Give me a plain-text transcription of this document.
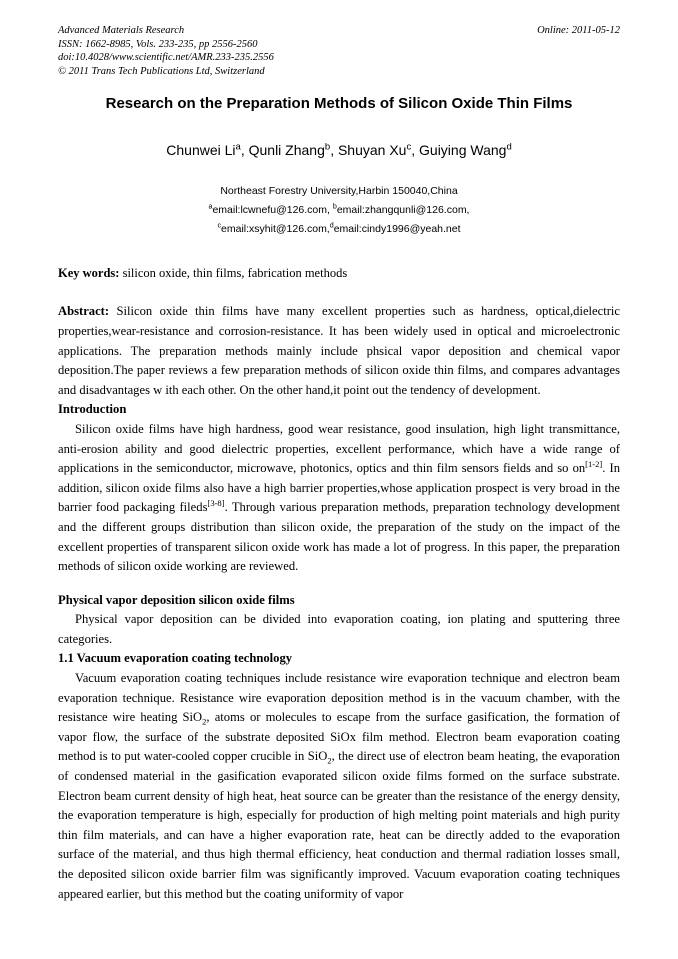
Online: 2011-05-12
Advanced Materials Research
ISSN: 1662-8985, Vols. 233-235, pp 2556-2560
doi:10.4028/www.scientific.net/AMR.233-235.2556
© 2011 Trans Tech Publications Ltd, Switzerland
Research on the Preparation Methods of Silicon Oxide Thin Films
Chunwei Li$^a$, Qunli Zhang$^b$, Shuyan Xu$^c$, Guiying Wang$^d$
Northeast Forestry University,Harbin 150040,China
$^a$email:lcwnefu@126.com, $^b$email:zhangqunli@126.com,
$^c$email:xsyhit@126.com,$^d$email:cindy1996@yeah.net
Key words: silicon oxide, thin films, fabrication methods
Abstract: Silicon oxide thin films have many excellent properties such as hardness, optical,dielectric properties,wear-resistance and corrosion-resistance. It has been widely used in optical and microelectronic applications. The preparation methods mainly include phsical vapor deposition and chemical vapor deposition.The paper reviews a few preparation methods of silicon oxide thin films, and compares advantages and disadvantages w ith each other. On the other hand,it point out the tendency of development.
Introduction

Silicon oxide films have high hardness, good wear resistance, good insulation, high light transmittance, anti-erosion ability and good dielectric properties, excellent performance, which have a wide range of applications in the semiconductor, microwave, photonics, optics and thin film sensors fields and so on[1-2]. In addition, silicon oxide films also have a high barrier properties,whose application prospect is very broad in the barrier food packaging fileds[3-8]. Through various preparation methods, preparation technology development and the different groups distribution than silicon oxide, the preparation of the study on the impact of the excellent properties of transparent silicon oxide work has made a lot of progress. In this paper, the preparation methods of silicon oxide working are reviewed.

Physical vapor deposition silicon oxide films

Physical vapor deposition can be divided into evaporation coating, ion plating and sputtering three categories.

1.1 Vacuum evaporation coating technology

Vacuum evaporation coating techniques include resistance wire evaporation technique and electron beam evaporation technique. Resistance wire evaporation deposition method is in the vacuum chamber, with the resistance wire heating SiO$_2$, atoms or molecules to escape from the surface gasification, the formation of vapor flow, the surface of the substrate deposited SiOx film method. Electron beam evaporation coating method is to put water-cooled copper crucible in SiO$_2$, the direct use of electron beam heating, the evaporation of condensed material in the gasification evaporated silicon oxide films formed on the surface substrate. Electron beam current density of high heat, heat source can be greater than the resistance of the energy density, the evaporation temperature is high, especially for production of high melting point materials and high purity thin film materials, and can have a higher evaporation rate, heat can be directly added to the evaporation surface of the material, and thus high thermal efficiency, heat conduction and thermal radiation losses small, the deposited silicon oxide barrier film was significantly improved. Vacuum evaporation coating techniques appeared earlier, but this method but the coating uniformity of vapor
